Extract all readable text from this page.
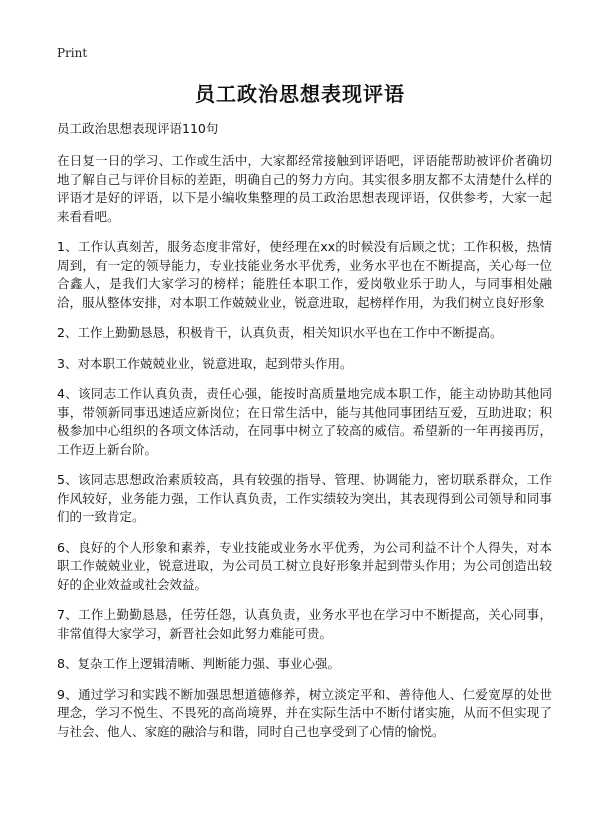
Print
员工政治思想表现评语

员工政治思想表现评语110句

在日复一日的学习、工作或生活中，大家都经常接触到评语吧，评语能帮助被评价者确切地了解自己与评价目标的差距，明确自己的努力方向。其实很多朋友都不太清楚什么样的评语才是好的评语，以下是小编收集整理的员工政治思想表现评语，仅供参考，大家一起来看看吧。

1、工作认真刻苦，服务态度非常好，使经理在xx的时候没有后顾之忧；工作积极，热情周到，有一定的领导能力，专业技能业务水平优秀，业务水平也在不断提高，关心每一位合鑫人，是我们大家学习的榜样；能胜任本职工作，爱岗敬业乐于助人，与同事相处融洽，服从整体安排，对本职工作兢兢业业，锐意进取，起榜样作用，为我们树立良好形象

2、工作上勤勤恳恳，积极肯干，认真负责，相关知识水平也在工作中不断提高。

3、对本职工作兢兢业业，锐意进取，起到带头作用。

4、该同志工作认真负责，责任心强，能按时高质量地完成本职工作，能主动协助其他同事，带领新同事迅速适应新岗位；在日常生活中，能与其他同事团结互爱，互助进取；积极参加中心组织的各项文体活动，在同事中树立了较高的威信。希望新的一年再接再厉，工作迈上新台阶。

5、该同志思想政治素质较高，具有较强的指导、管理、协调能力，密切联系群众，工作作风较好，业务能力强，工作认真负责，工作实绩较为突出，其表现得到公司领导和同事们的一致肯定。

6、良好的个人形象和素养，专业技能或业务水平优秀，为公司利益不计个人得失，对本职工作兢兢业业，锐意进取，为公司员工树立良好形象并起到带头作用；为公司创造出较好的企业效益或社会效益。

7、工作上勤勤恳恳，任劳任怨，认真负责，业务水平也在学习中不断提高，关心同事，非常值得大家学习，新晋社会如此努力难能可贵。

8、复杂工作上逻辑清晰、判断能力强、事业心强。

9、通过学习和实践不断加强思想道德修养，树立淡定平和、善待他人、仁爱宽厚的处世理念，学习不悦生、不畏死的高尚境界，并在实际生活中不断付诸实施，从而不但实现了与社会、他人、家庭的融洽与和谐，同时自己也享受到了心情的愉悦。
